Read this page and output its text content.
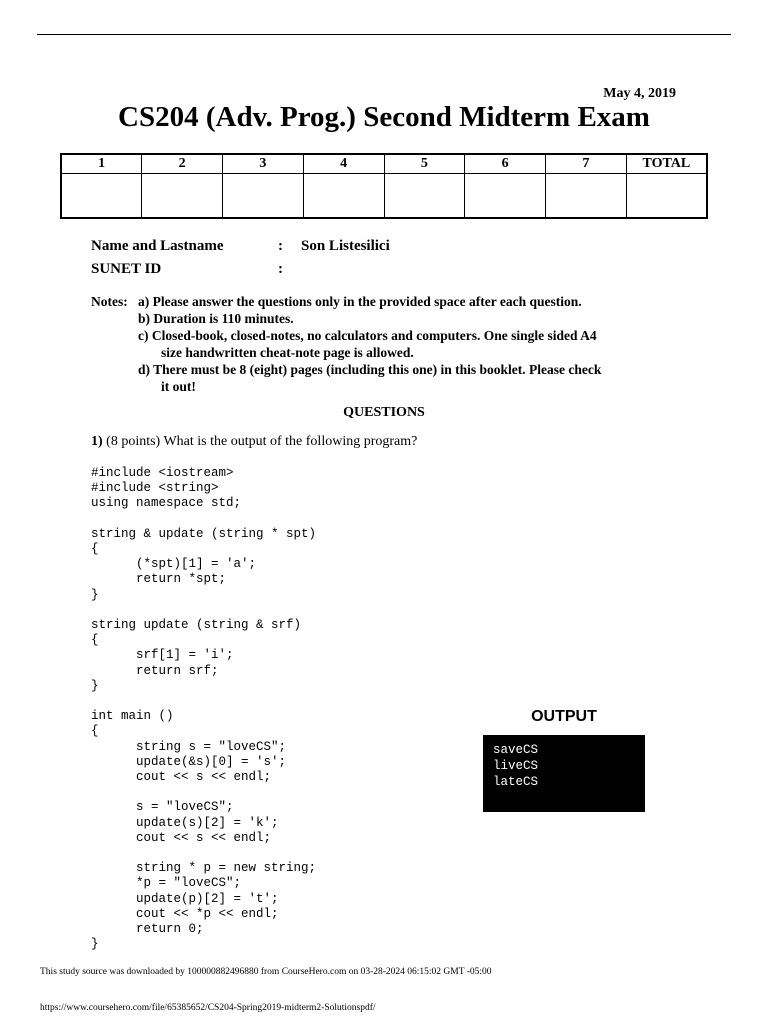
May 4, 2019
CS204 (Adv. Prog.) Second Midterm Exam
1	2	3	4	5	6	7	TOTAL

Name and Lastname	: Son Listesilici
SUNET ID	:
Notes: a) Please answer the questions only in the provided space after each question.
b) Duration is 110 minutes.
c) Closed-book, closed-notes, no calculators and computers. One single sided A4
size handwritten cheat-note page is allowed.
d) There must be 8 (eight) pages (including this one) in this booklet. Please check
it out!
QUESTIONS
1) (8 points) What is the output of the following program?
#include <iostream>
#include <string>
using namespace std;

string & update (string * spt)
{
(*spt)[1] = 'a';
return *spt;
}

string update (string & srf)
{
srf[1] = 'i';
return srf;
}

int main ()
{
string s = "loveCS";
update(&s)[0] = 's';
cout << s << endl;

s = "loveCS";
update(s)[2] = 'k';
cout << s << endl;

string * p = new string;
*p = "loveCS";
update(p)[2] = 't';
cout << *p << endl;
return 0;
}
OUTPUT
saveCS
liveCS
lateCS
This study source was downloaded by 100000882496880 from CourseHero.com on 03-28-2024 06:15:02 GMT -05:00
https://www.coursehero.com/file/65385652/CS204-Spring2019-midterm2-Solutionspdf/
